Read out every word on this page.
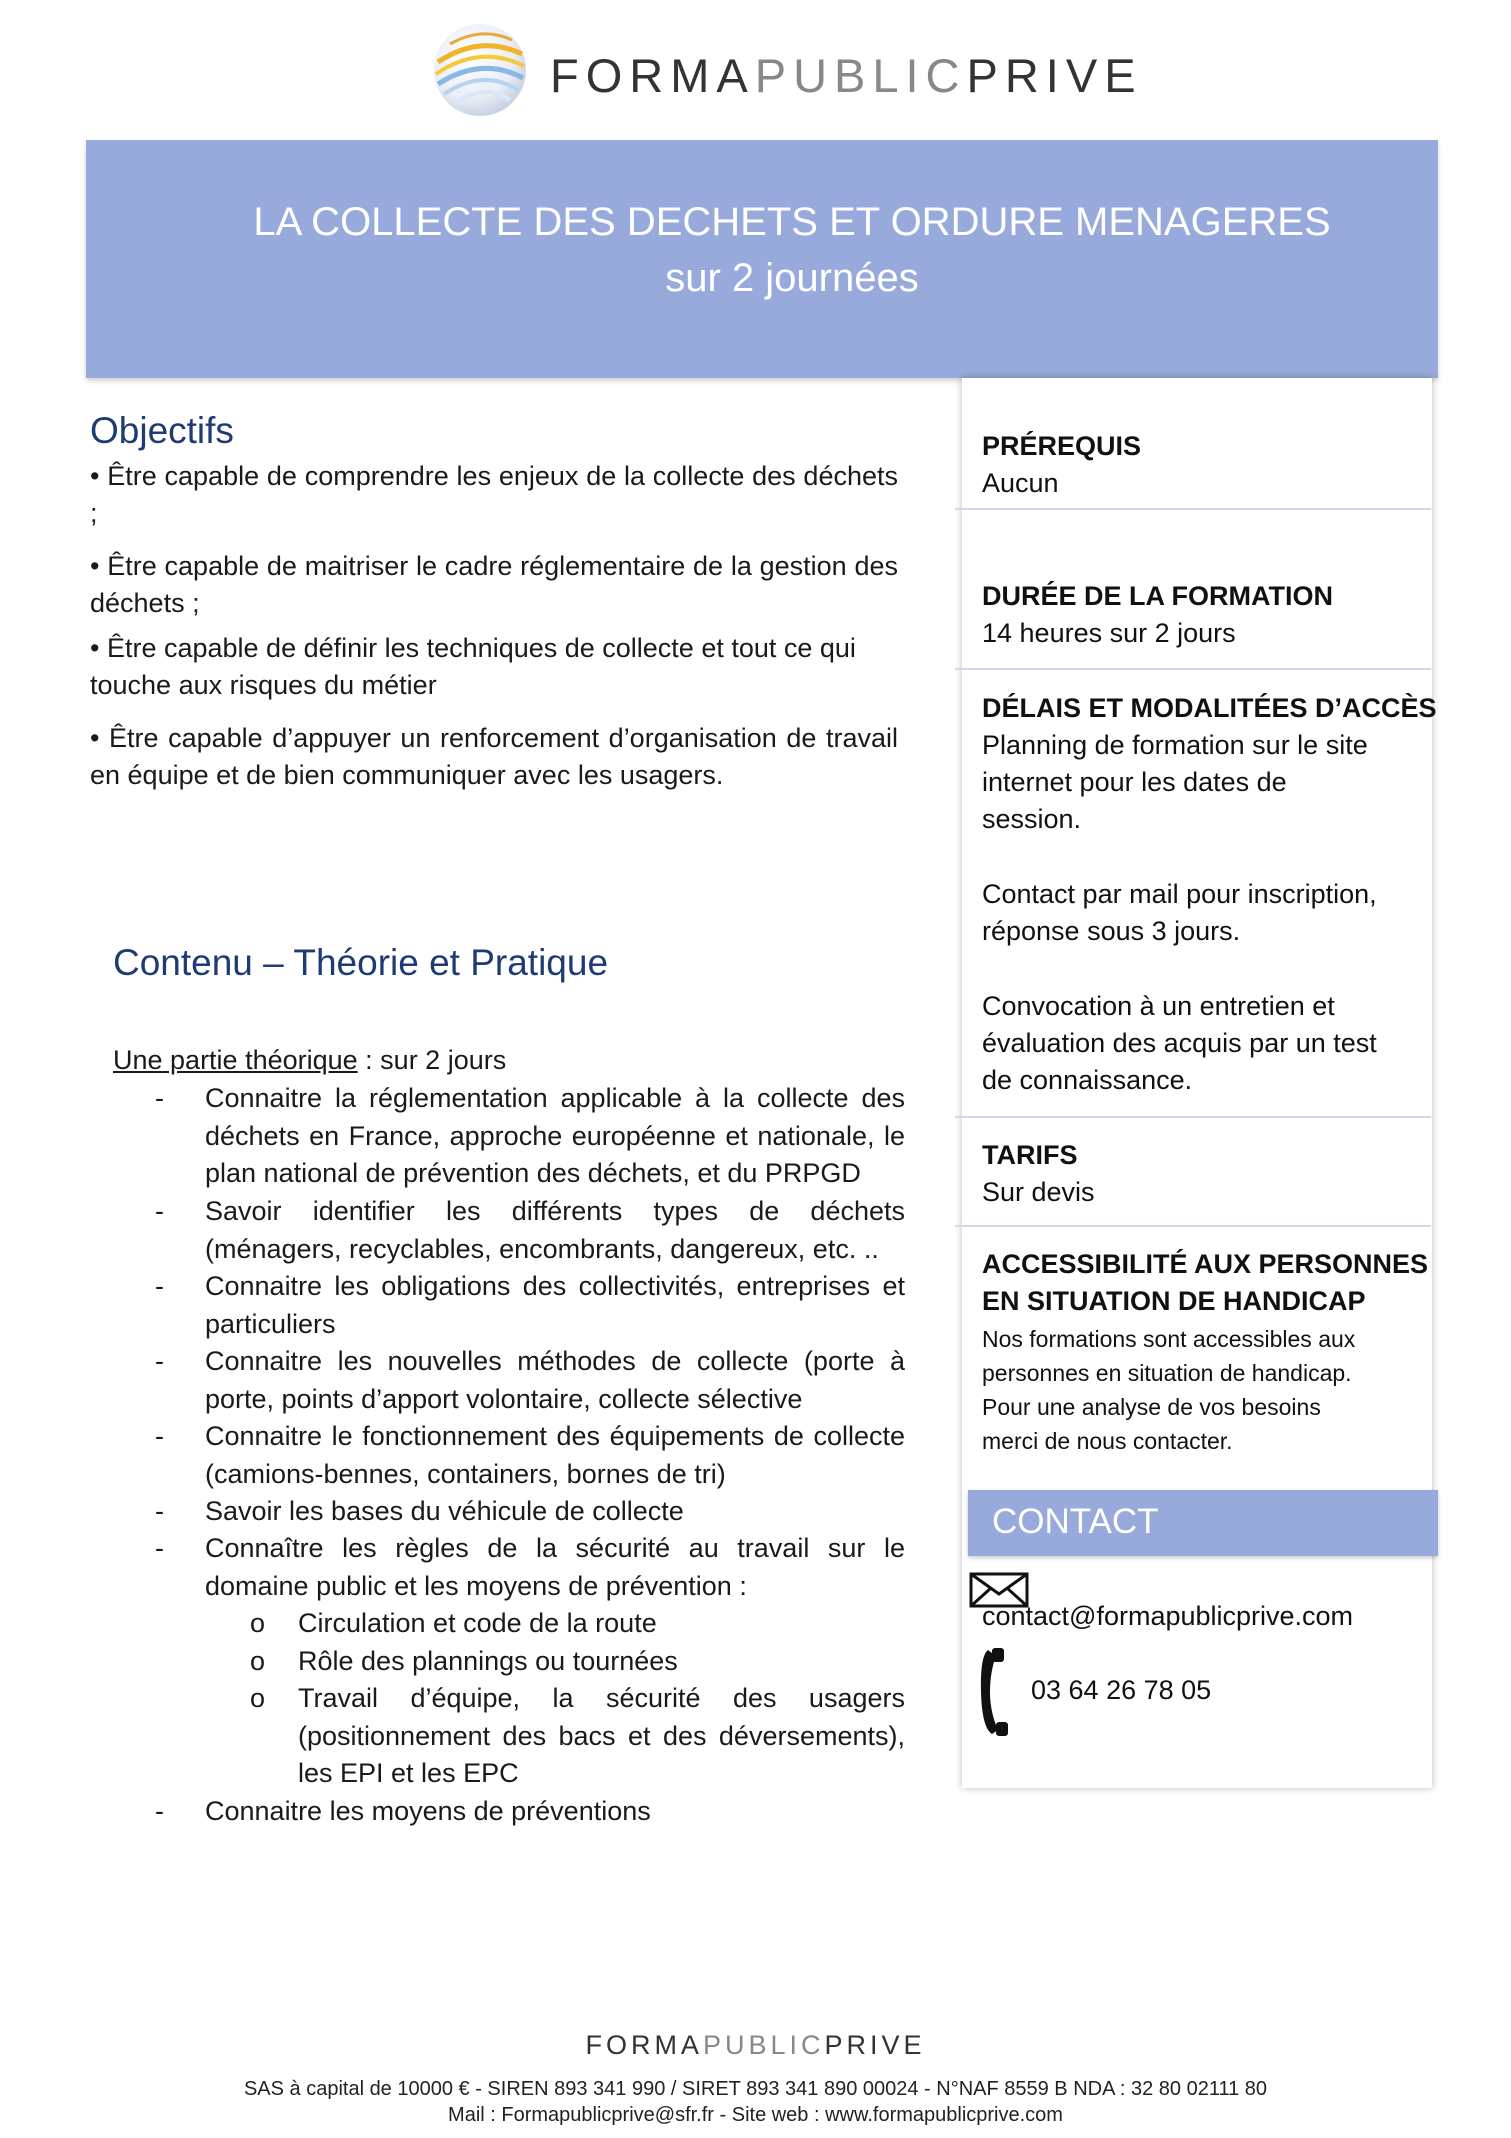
FORMAPUBLICPRIVE
LA COLLECTE DES DECHETS ET ORDURE MENAGERES
sur 2 journées
Objectifs
• Être capable de comprendre les enjeux de la collecte des déchets ;
• Être capable de maitriser le cadre réglementaire de la gestion des déchets ;
• Être capable de définir les techniques de collecte et tout ce qui touche aux risques du métier
• Être capable d’appuyer un renforcement d’organisation de travail en équipe et de bien communiquer avec les usagers.
Contenu – Théorie et Pratique
Une partie théorique : sur 2 jours
- Connaitre la réglementation applicable à la collecte des déchets en France, approche européenne et nationale, le plan national de prévention des déchets, et du PRPGD
- Savoir identifier les différents types de déchets (ménagers, recyclables, encombrants, dangereux, etc. ..
- Connaitre les obligations des collectivités, entreprises et particuliers
- Connaitre les nouvelles méthodes de collecte (porte à porte, points d’apport volontaire, collecte sélective
- Connaitre le fonctionnement des équipements de collecte (camions-bennes, containers, bornes de tri)
- Savoir les bases du véhicule de collecte
- Connaître les règles de la sécurité au travail sur le domaine public et les moyens de prévention :
o Circulation et code de la route
o Rôle des plannings ou tournées
o Travail d’équipe, la sécurité des usagers (positionnement des bacs et des déversements), les EPI et les EPC
- Connaitre les moyens de préventions
PRÉREQUIS
Aucun
DURÉE DE LA FORMATION
14 heures sur 2 jours
DÉLAIS ET MODALITÉES D’ACCÈS
Planning de formation sur le site
internet pour les dates de
session.
Contact par mail pour inscription,
réponse sous 3 jours.
Convocation à un entretien et
évaluation des acquis par un test
de connaissance.
TARIFS
Sur devis
ACCESSIBILITÉ AUX PERSONNES
EN SITUATION DE HANDICAP
Nos formations sont accessibles aux
personnes en situation de handicap.
Pour une analyse de vos besoins
merci de nous contacter.
CONTACT
contact@formapublicprive.com
03 64 26 78 05
FORMAPUBLICPRIVE
SAS à capital de 10000 € - SIREN 893 341 990 / SIRET 893 341 890 00024 - N°NAF 8559 B NDA : 32 80 02111 80
Mail : Formapublicprive@sfr.fr - Site web : www.formapublicprive.com
